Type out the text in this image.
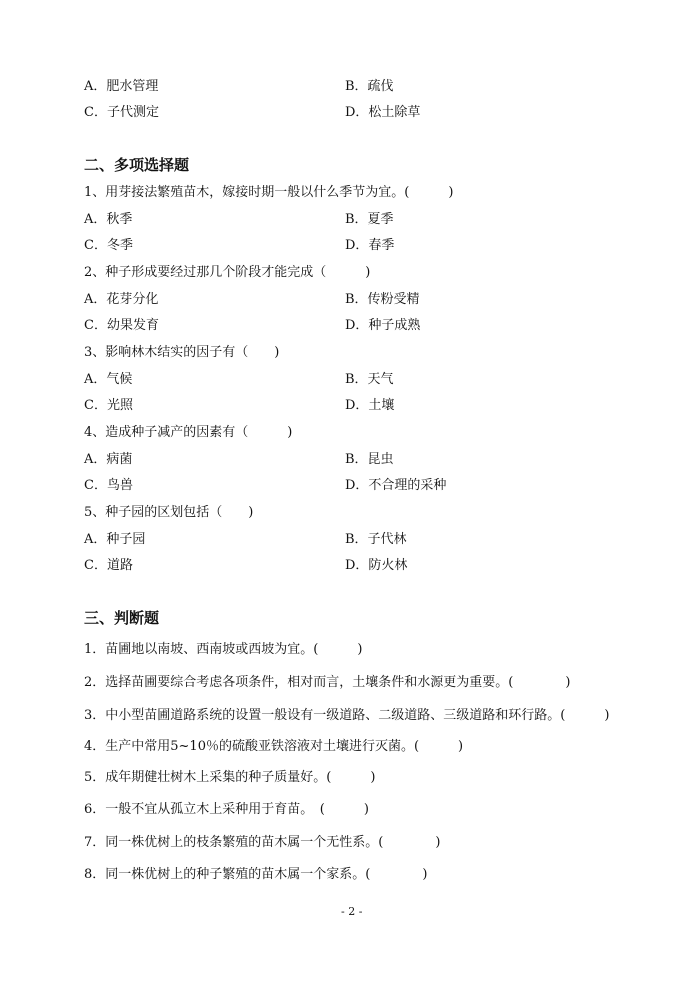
A．肥水管理	B．疏伐
C．子代测定	D．松土除草
二、多项选择题
1、用芽接法繁殖苗木，嫁接时期一般以什么季节为宜。(　　　)
A．秋季	B．夏季
C．冬季	D．春季
2、种子形成要经过那几个阶段才能完成（　　　)
A．花芽分化	B．传粉受精
C．幼果发育	D．种子成熟
3、影响林木结实的因子有（　　)
A．气候	B．天气
C．光照	D．土壤
4、造成种子减产的因素有（　　　)
A．病菌	B．昆虫
C．鸟兽	D．不合理的采种
5、种子园的区划包括（　　)
A．种子园	B．子代林
C．道路	D．防火林
三、判断题
1．苗圃地以南坡、西南坡或西坡为宜。(　　　)
2．选择苗圃要综合考虑各项条件，相对而言，土壤条件和水源更为重要。(　　　　)
3．中小型苗圃道路系统的设置一般设有一级道路、二级道路、三级道路和环行路。(　　　)
4．生产中常用5~10％的硫酸亚铁溶液对土壤进行灭菌。(　　　)
5．成年期健壮树木上采集的种子质量好。(　　　)
6．一般不宜从孤立木上采种用于育苗。　(　　　)
7．同一株优树上的枝条繁殖的苗木属一个无性系。(　　　　)
8．同一株优树上的种子繁殖的苗木属一个家系。(　　　　)
- 2 -
